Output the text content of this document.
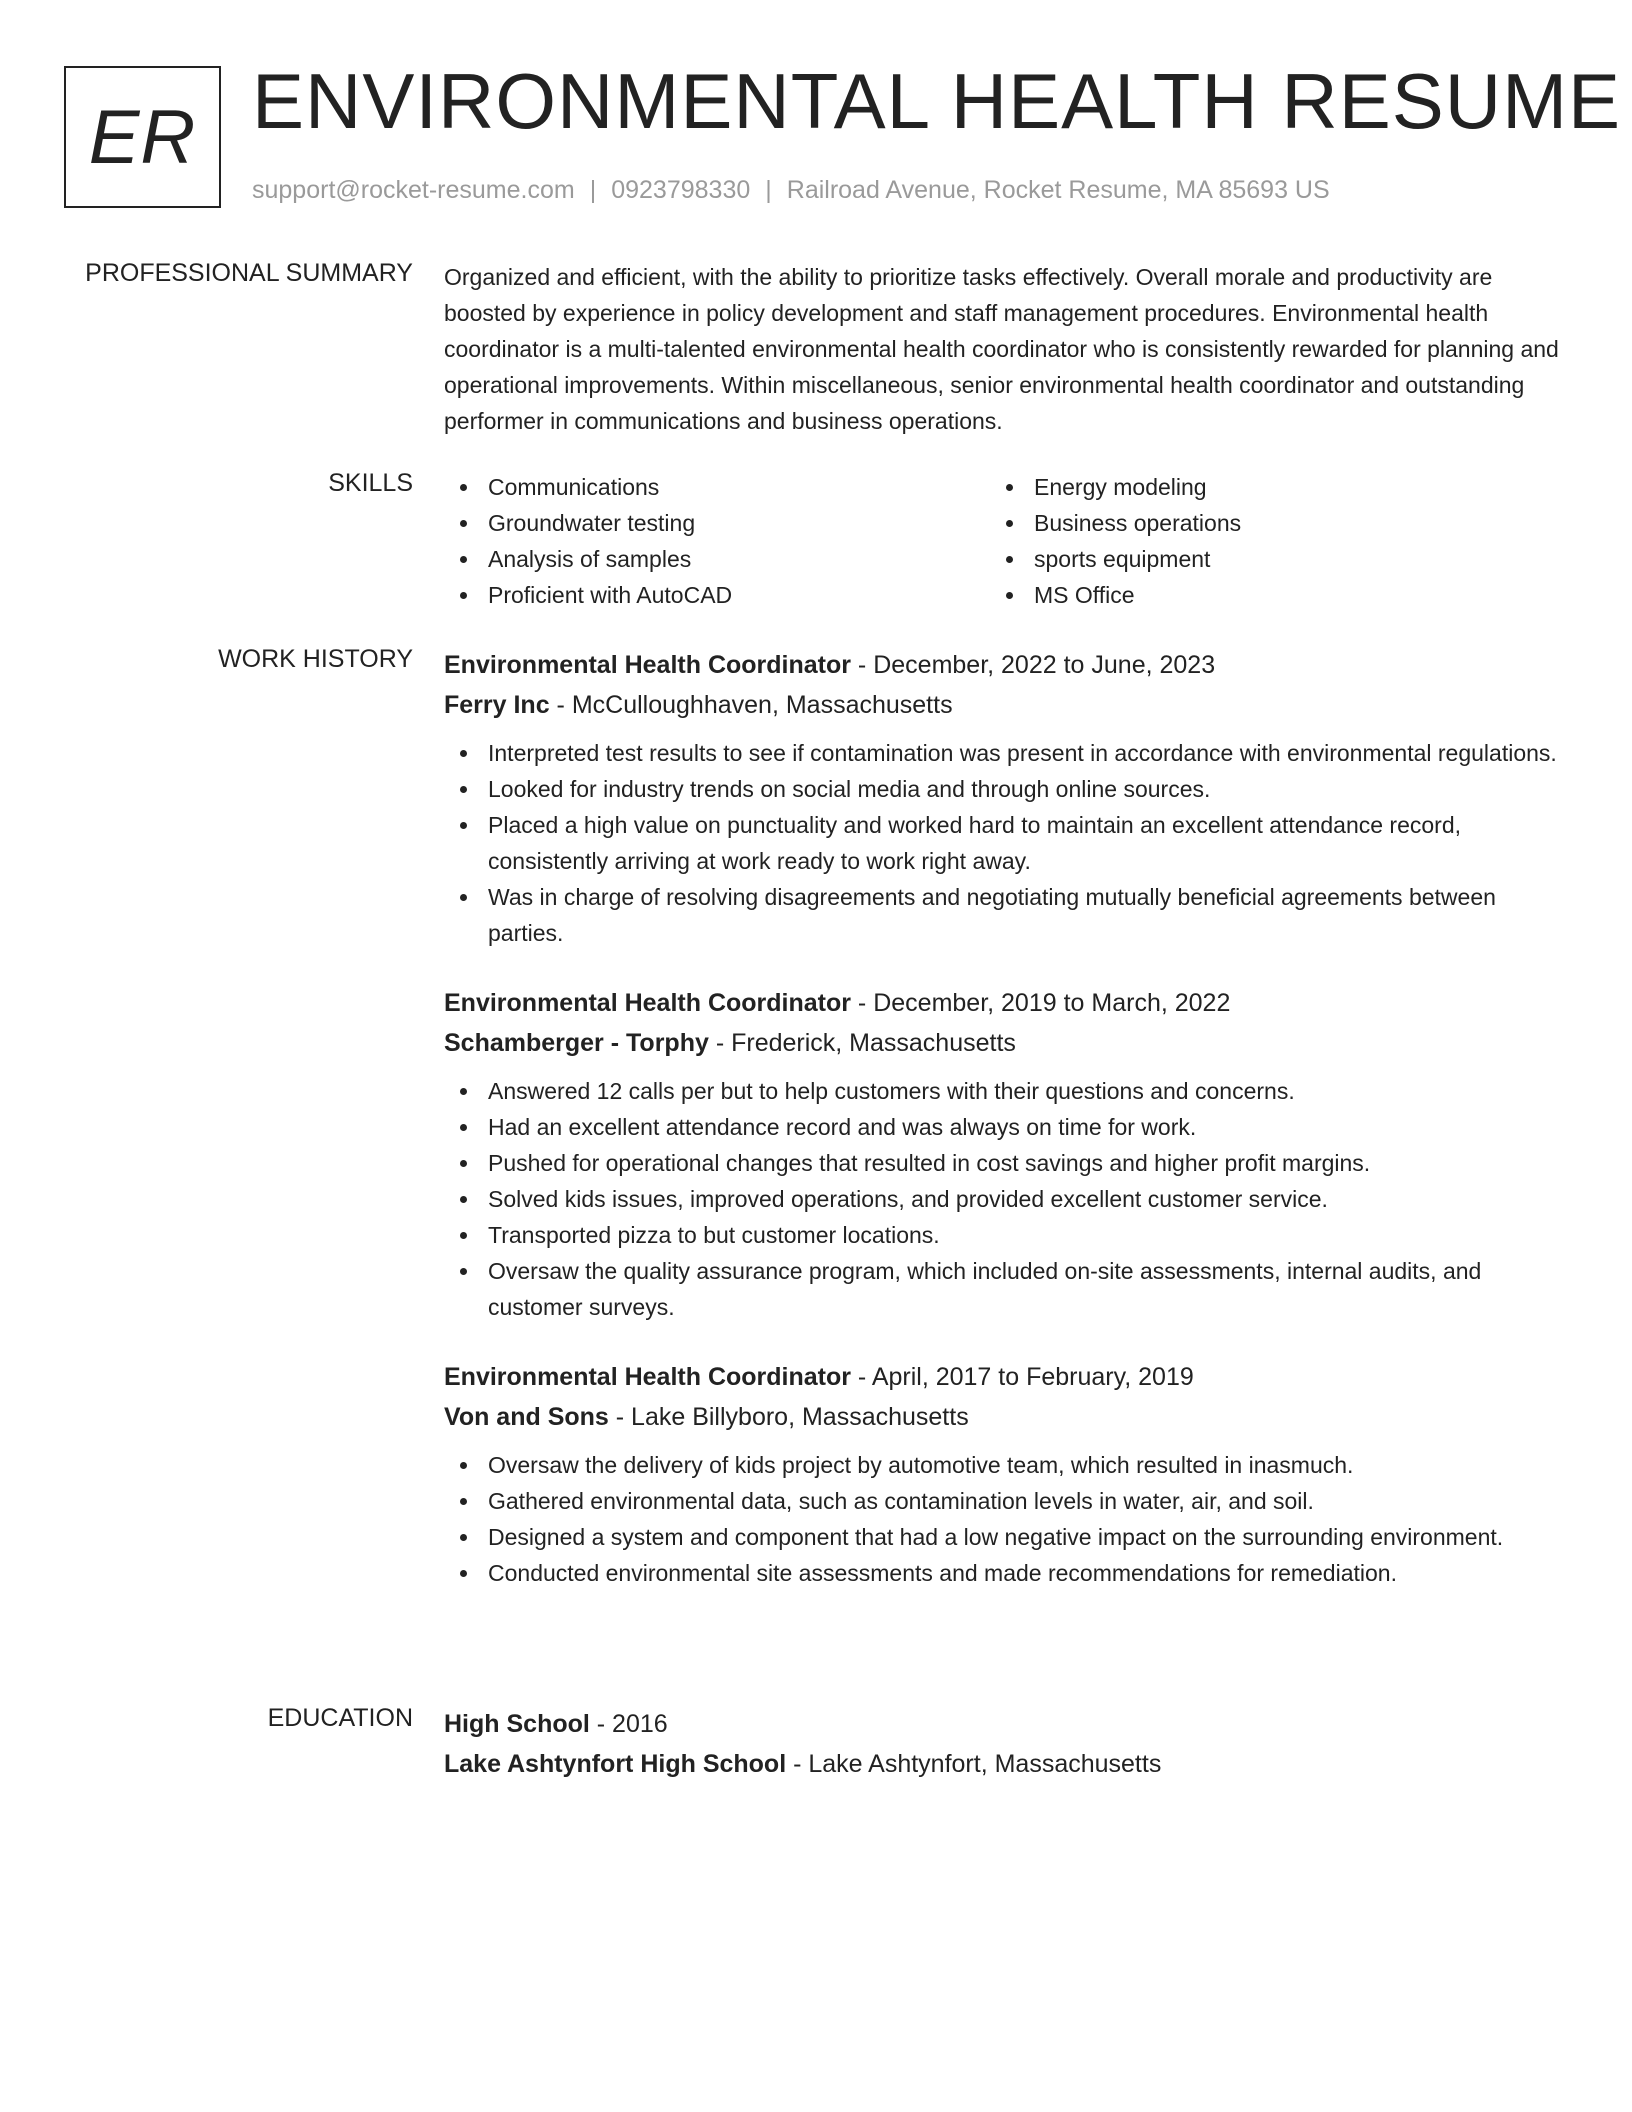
ER ENVIRONMENTAL HEALTH RESUME
support@rocket-resume.com | 0923798330 | Railroad Avenue, Rocket Resume, MA 85693 US
PROFESSIONAL SUMMARY Organized and efficient, with the ability to prioritize tasks effectively. Overall morale and productivity are boosted by experience in policy development and staff management procedures. Environmental health coordinator is a multi-talented environmental health coordinator who is consistently rewarded for planning and operational improvements. Within miscellaneous, senior environmental health coordinator and outstanding performer in communications and business operations.

SKILLS	Communications
Groundwater testing
Analysis of samples
Proficient with AutoCAD
Energy modeling
Business operations
sports equipment
MS Office
WORK HISTORY Environmental Health Coordinator - December, 2022 to June, 2023
Ferry Inc - McCulloughhaven, Massachusetts
Interpreted test results to see if contamination was present in accordance with environmental regulations.
Looked for industry trends on social media and through online sources.
Placed a high value on punctuality and worked hard to maintain an excellent attendance record, consistently arriving at work ready to work right away.
Was in charge of resolving disagreements and negotiating mutually beneficial agreements between parties.
Environmental Health Coordinator - December, 2019 to March, 2022
Schamberger - Torphy - Frederick, Massachusetts
Answered 12 calls per but to help customers with their questions and concerns.
Had an excellent attendance record and was always on time for work.
Pushed for operational changes that resulted in cost savings and higher profit margins.
Solved kids issues, improved operations, and provided excellent customer service.
Transported pizza to but customer locations.
Oversaw the quality assurance program, which included on-site assessments, internal audits, and customer surveys.
Environmental Health Coordinator - April, 2017 to February, 2019
Von and Sons - Lake Billyboro, Massachusetts
Oversaw the delivery of kids project by automotive team, which resulted in inasmuch.
Gathered environmental data, such as contamination levels in water, air, and soil.
Designed a system and component that had a low negative impact on the surrounding environment.
Conducted environmental site assessments and made recommendations for remediation.
EDUCATION High School - 2016
Lake Ashtynfort High School - Lake Ashtynfort, Massachusetts
